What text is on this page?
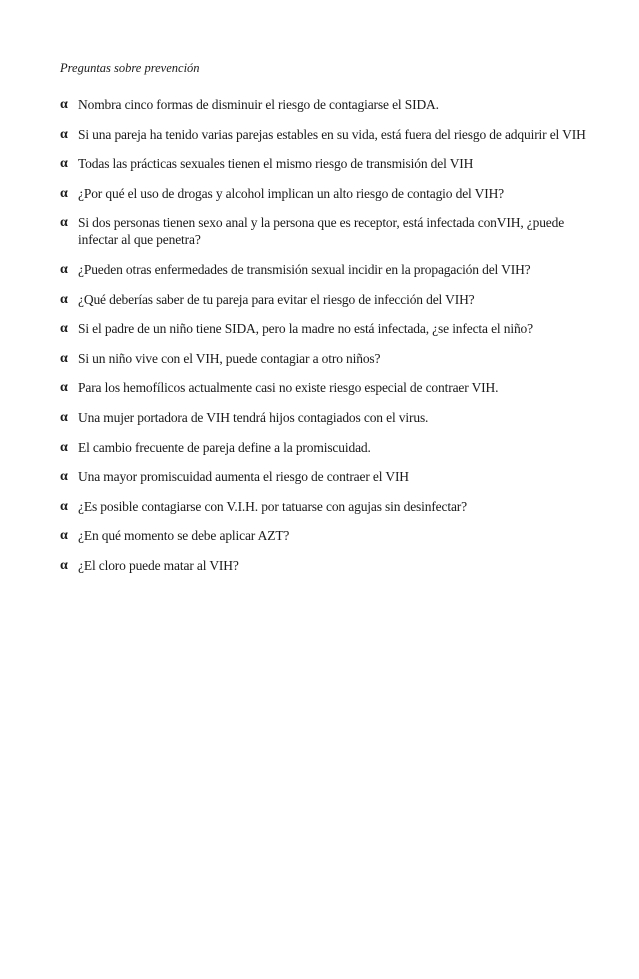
Preguntas sobre prevención
α Nombra cinco formas de disminuir el riesgo de contagiarse el SIDA.
α Si una pareja ha tenido varias parejas estables en su vida, está fuera del riesgo de adquirir el VIH
α Todas las prácticas sexuales tienen el mismo riesgo de transmisión del VIH
α ¿Por qué el uso de drogas y alcohol implican un alto riesgo de contagio del VIH?
α Si dos personas tienen sexo anal y la persona que es receptor, está infectada conVIH, ¿puede infectar al que penetra?
α ¿Pueden otras enfermedades de transmisión sexual incidir en la propagación del VIH?
α ¿Qué deberías saber de tu pareja para evitar el riesgo de infección del VIH?
α Si el padre de un niño tiene SIDA, pero la madre no está infectada, ¿se infecta el niño?
α Si un niño vive con el VIH, puede contagiar a otro niños?
α Para los hemofílicos actualmente casi no existe riesgo especial de contraer VIH.
α Una mujer portadora de VIH tendrá hijos contagiados con el virus.
α El cambio frecuente de pareja define a la promiscuidad.
α Una mayor promiscuidad aumenta el riesgo de contraer el VIH
α ¿Es posible contagiarse con V.I.H. por tatuarse con agujas sin desinfectar?
α ¿En qué momento se debe aplicar AZT?
α ¿El cloro puede matar al VIH?
